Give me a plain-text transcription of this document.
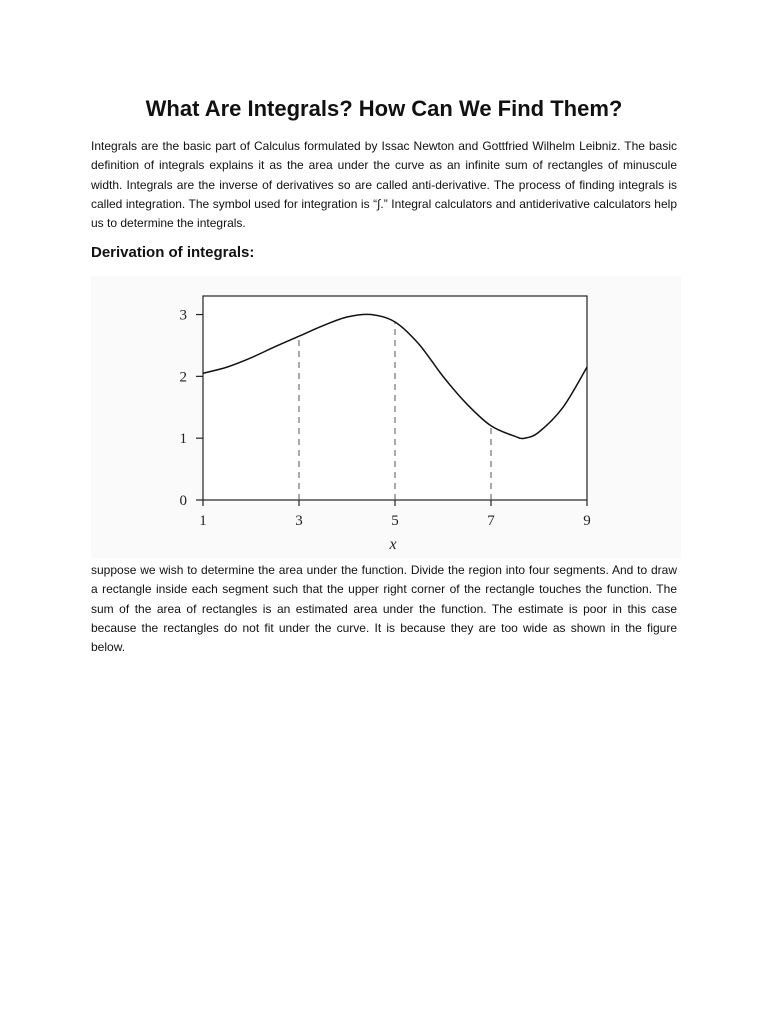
What Are Integrals? How Can We Find Them?

Integrals are the basic part of Calculus formulated by Issac Newton and Gottfried Wilhelm Leibniz. The basic definition of integrals explains it as the area under the curve as an infinite sum of rectangles of minuscule width. Integrals are the inverse of derivatives so are called anti-derivative. The process of finding integrals is called integration. The symbol used for integration is “∫.” Integral calculators and antiderivative calculators help us to determine the integrals.

Derivation of integrals:
0
1
2
3
1	3	5	7	9
x

suppose we wish to determine the area under the function. Divide the region into four segments. And to draw a rectangle inside each segment such that the upper right corner of the rectangle touches the function. The sum of the area of rectangles is an estimated area under the function. The estimate is poor in this case because the rectangles do not fit under the curve. It is because they are too wide as shown in the figure below.
